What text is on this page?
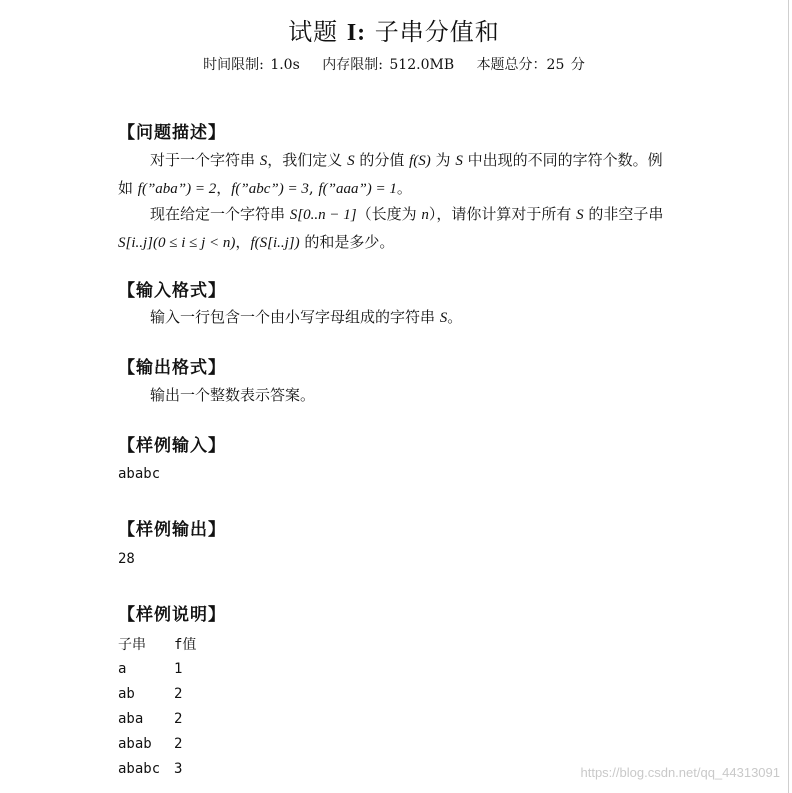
试题 I: 子串分值和
时间限制: 1.0s 内存限制: 512.0MB 本题总分：25 分
【问题描述】
对于一个字符串 S，我们定义 S 的分值 f(S) 为 S 中出现的不同的字符个数。例如 f(”aba”) = 2，f(”abc”) = 3, f(”aaa”) = 1。
现在给定一个字符串 S[0..n − 1]（长度为 n），请你计算对于所有 S 的非空子串 S[i..j](0 ≤ i ≤ j < n)，f(S[i..j]) 的和是多少。
【输入格式】
输入一行包含一个由小写字母组成的字符串 S。
【输出格式】
输出一个整数表示答案。
【样例输入】
ababc
【样例输出】
28
【样例说明】
子串 f值
a	1
ab	2
aba 2
abab 2
ababc 3	https://blog.csdn.net/qq_44313091
